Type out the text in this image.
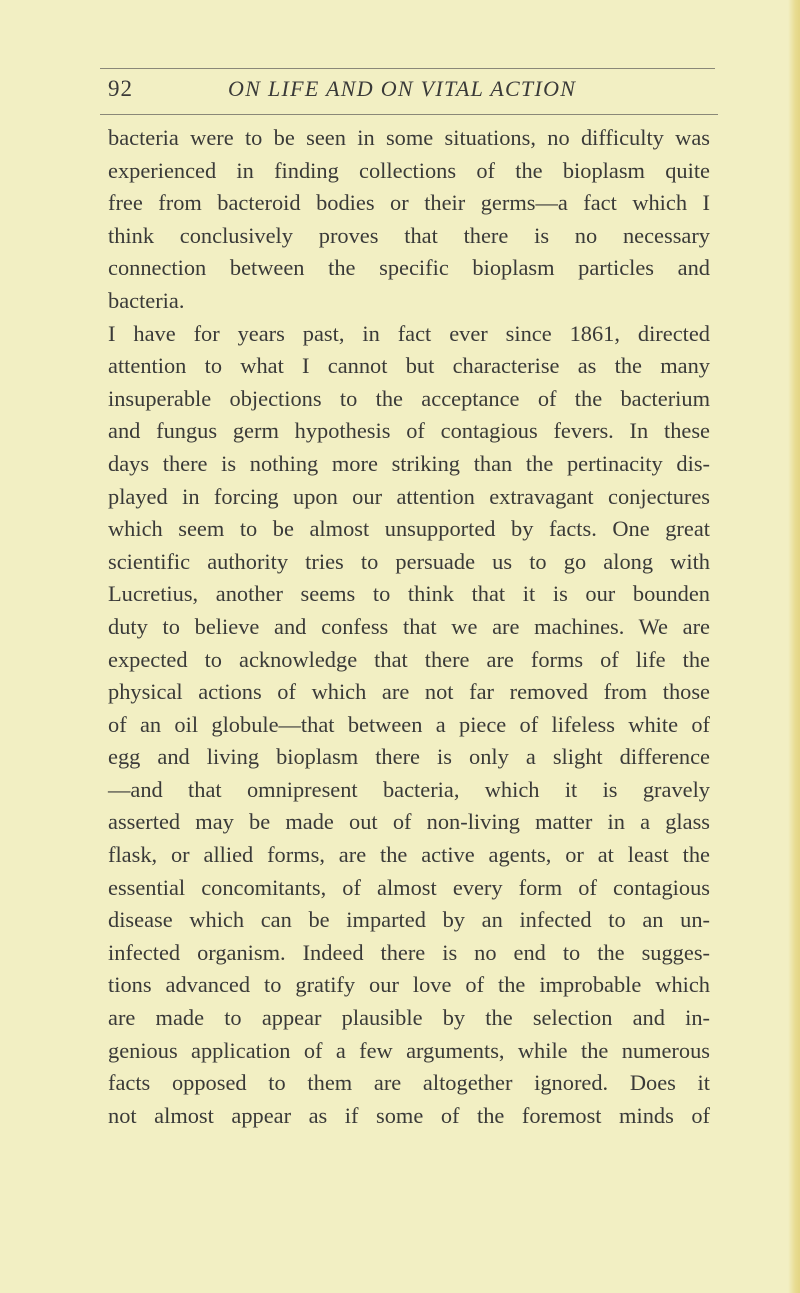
92	ON LIFE AND ON VITAL ACTION
bacteria were to be seen in some situations, no difficulty was
experienced in finding collections of the bioplasm quite
free from bacteroid bodies or their germs—a fact which I
think conclusively proves that there is no necessary
connection between the specific bioplasm particles and
bacteria.
I have for years past, in fact ever since 1861, directed
attention to what I cannot but characterise as the many
insuperable objections to the acceptance of the bacterium
and fungus germ hypothesis of contagious fevers. In these
days there is nothing more striking than the pertinacity dis-
played in forcing upon our attention extravagant conjectures
which seem to be almost unsupported by facts. One great
scientific authority tries to persuade us to go along with
Lucretius, another seems to think that it is our bounden
duty to believe and confess that we are machines. We are
expected to acknowledge that there are forms of life the
physical actions of which are not far removed from those
of an oil globule—that between a piece of lifeless white of
egg and living bioplasm there is only a slight difference
—and that omnipresent bacteria, which it is gravely
asserted may be made out of non-living matter in a glass
flask, or allied forms, are the active agents, or at least the
essential concomitants, of almost every form of contagious
disease which can be imparted by an infected to an un-
infected organism. Indeed there is no end to the sugges-
tions advanced to gratify our love of the improbable which
are made to appear plausible by the selection and in-
genious application of a few arguments, while the numerous
facts opposed to them are altogether ignored. Does it
not almost appear as if some of the foremost minds of
